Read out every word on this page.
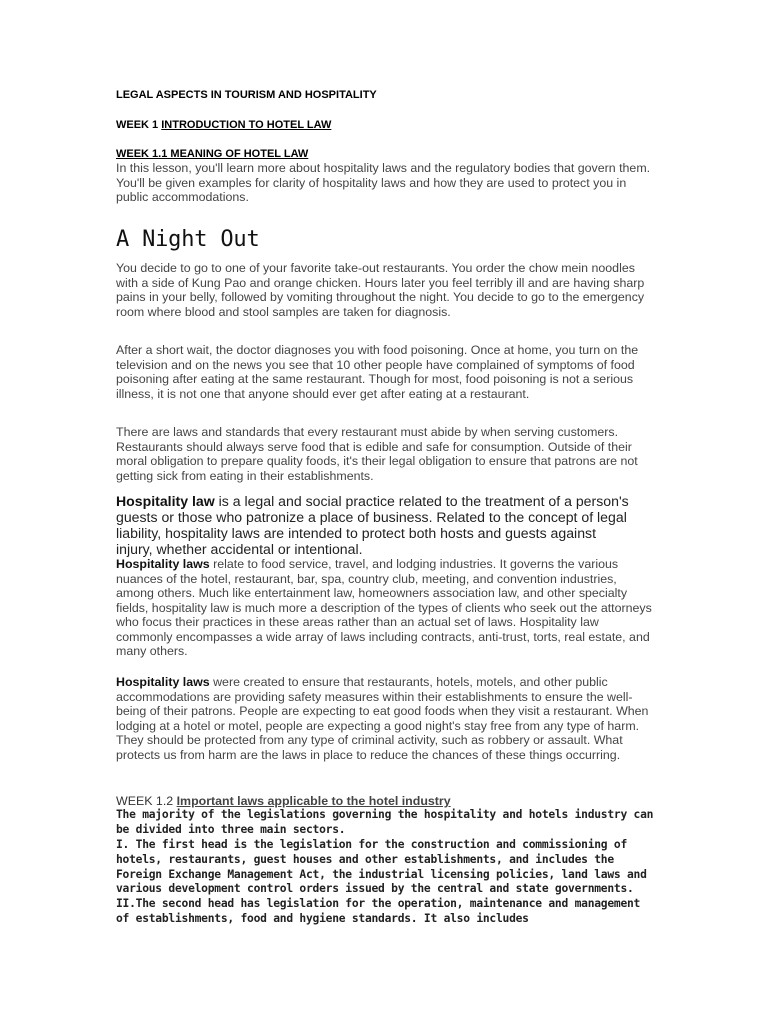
LEGAL ASPECTS IN TOURISM AND HOSPITALITY
WEEK 1 INTRODUCTION TO HOTEL LAW
WEEK 1.1 MEANING OF HOTEL LAW

In this lesson, you'll learn more about hospitality laws and the regulatory bodies that govern them. You'll be given examples for clarity of hospitality laws and how they are used to protect you in public accommodations.

A Night Out

You decide to go to one of your favorite take-out restaurants. You order the chow mein noodles with a side of Kung Pao and orange chicken. Hours later you feel terribly ill and are having sharp pains in your belly, followed by vomiting throughout the night. You decide to go to the emergency room where blood and stool samples are taken for diagnosis.

After a short wait, the doctor diagnoses you with food poisoning. Once at home, you turn on the television and on the news you see that 10 other people have complained of symptoms of food poisoning after eating at the same restaurant. Though for most, food poisoning is not a serious illness, it is not one that anyone should ever get after eating at a restaurant.

There are laws and standards that every restaurant must abide by when serving customers. Restaurants should always serve food that is edible and safe for consumption. Outside of their moral obligation to prepare quality foods, it's their legal obligation to ensure that patrons are not getting sick from eating in their establishments.

Hospitality law is a legal and social practice related to the treatment of a person's guests or those who patronize a place of business. Related to the concept of legal liability, hospitality laws are intended to protect both hosts and guests against injury, whether accidental or intentional.

Hospitality laws relate to food service, travel, and lodging industries. It governs the various nuances of the hotel, restaurant, bar, spa, country club, meeting, and convention industries, among others. Much like entertainment law, homeowners association law, and other specialty fields, hospitality law is much more a description of the types of clients who seek out the attorneys who focus their practices in these areas rather than an actual set of laws. Hospitality law commonly encompasses a wide array of laws including contracts, anti-trust, torts, real estate, and many others.

Hospitality laws were created to ensure that restaurants, hotels, motels, and other public accommodations are providing safety measures within their establishments to ensure the well-being of their patrons. People are expecting to eat good foods when they visit a restaurant. When lodging at a hotel or motel, people are expecting a good night's stay free from any type of harm. They should be protected from any type of criminal activity, such as robbery or assault. What protects us from harm are the laws in place to reduce the chances of these things occurring.

WEEK 1.2 Important laws applicable to the hotel industry

The majority of the legislations governing the hospitality and hotels industry can be divided into three main sectors.

I. The first head is the legislation for the construction and commissioning of hotels, restaurants, guest houses and other establishments, and includes the Foreign Exchange Management Act, the industrial licensing policies, land laws and various development control orders issued by the central and state governments.

II.The second head has legislation for the operation, maintenance and management of establishments, food and hygiene standards. It also includes
